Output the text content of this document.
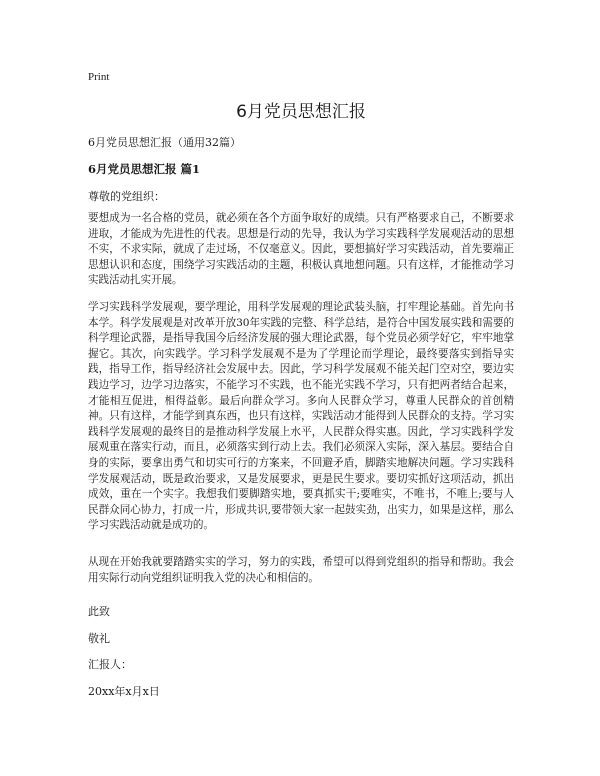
Print
6月党员思想汇报
6月党员思想汇报（通用32篇）
6月党员思想汇报 篇1
尊敬的党组织：

要想成为一名合格的党员，就必须在各个方面争取好的成绩。只有严格要求自己，不断要求进取，才能成为先进性的代表。思想是行动的先导，我认为学习实践科学发展观活动的思想不实，不求实际，就成了走过场，不仅毫意义。因此，要想搞好学习实践活动，首先要端正思想认识和态度，围绕学习实践活动的主题，积极认真地想问题。只有这样，才能推动学习实践活动扎实开展。

学习实践科学发展观，要学理论，用科学发展观的理论武装头脑，打牢理论基础。首先向书本学。科学发展观是对改革开放30年实践的完整、科学总结，是符合中国发展实践和需要的科学理论武器，是指导我国今后经济发展的强大理论武器，每个党员必须学好它，牢牢地掌握它。其次，向实践学。学习科学发展观不是为了学理论而学理论，最终要落实到指导实践，指导工作，指导经济社会发展中去。因此，学习科学发展观不能关起门空对空，要边实践边学习，边学习边落实，不能学习不实践，也不能光实践不学习，只有把两者结合起来，才能相互促进，相得益彰。最后向群众学习。多向人民群众学习，尊重人民群众的首创精神。只有这样，才能学到真东西，也只有这样，实践活动才能得到人民群众的支持。学习实践科学发展观的最终目的是推动科学发展上水平，人民群众得实惠。因此，学习实践科学发展观重在落实行动，而且，必须落实到行动上去。我们必须深入实际，深入基层。要结合自身的实际，要拿出勇气和切实可行的方案来，不回避矛盾，脚踏实地解决问题。学习实践科学发展观活动，既是政治要求，又是发展要求，更是民生要求。要切实抓好这项活动，抓出成效，重在一个实字。我想我们要脚踏实地，要真抓实干;要唯实，不唯书，不唯上;要与人民群众同心协力，打成一片，形成共识,要带领大家一起鼓实劲，出实力，如果是这样，那么学习实践活动就是成功的。

从现在开始我就要踏踏实实的学习，努力的实践，希望可以得到党组织的指导和帮助。我会用实际行动向党组织证明我入党的决心和相信的。

此致
敬礼
汇报人：
20xx年x月x日
